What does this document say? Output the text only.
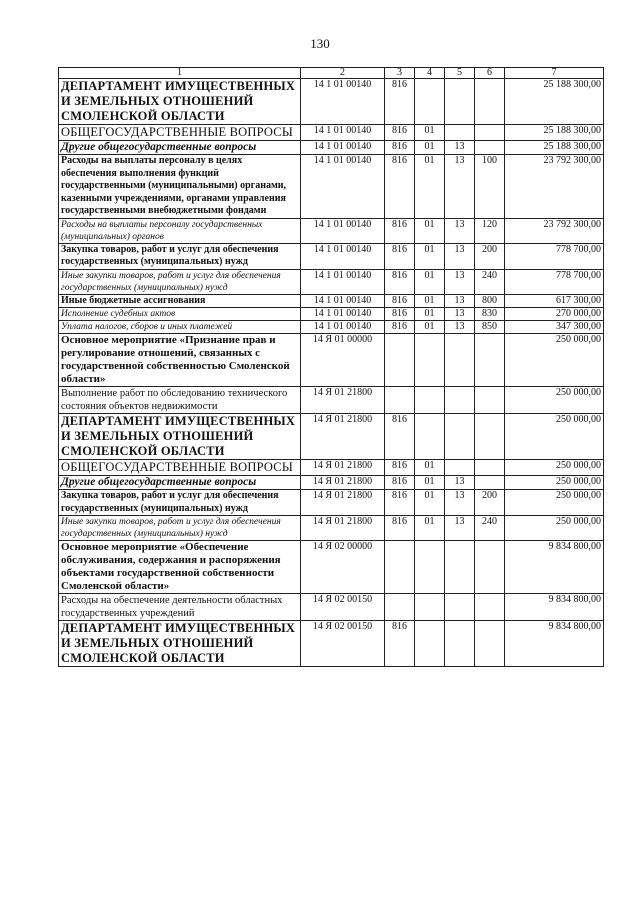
130
1	2	3	4	5	6	7
ДЕПАРТАМЕНТ ИМУЩЕСТВЕННЫХ И ЗЕМЕЛЬНЫХ ОТНОШЕНИЙ СМОЛЕНСКОЙ ОБЛАСТИ	14 1 01 00140	816				25 188 300,00
ОБЩЕГОСУДАРСТВЕННЫЕ ВОПРОСЫ	14 1 01 00140	816	01			25 188 300,00
Другие общегосударственные вопросы	14 1 01 00140	816	01	13		25 188 300,00
Расходы на выплаты персоналу в целях обеспечения выполнения функций государственными (муниципальными) органами, казенными учреждениями, органами управления государственными внебюджетными фондами	14 1 01 00140	816	01	13	100	23 792 300,00
Расходы на выплаты персоналу государственных (муниципальных) органов	14 1 01 00140	816	01	13	120	23 792 300,00
Закупка товаров, работ и услуг для обеспечения государственных (муниципальных) нужд	14 1 01 00140	816	01	13	200	778 700,00
Иные закупки товаров, работ и услуг для обеспечения государственных (муниципальных) нужд	14 1 01 00140	816	01	13	240	778 700,00
Иные бюджетные ассигнования	14 1 01 00140	816	01	13	800	617 300,00
Исполнение судебных актов	14 1 01 00140	816	01	13	830	270 000,00
Уплата налогов, сборов и иных платежей	14 1 01 00140	816	01	13	850	347 300,00
Основное мероприятие «Признание прав и регулирование отношений, связанных с государственной собственностью Смоленской области»	14 Я 01 00000					250 000,00
Выполнение работ по обследованию технического состояния объектов недвижимости	14 Я 01 21800					250 000,00
ДЕПАРТАМЕНТ ИМУЩЕСТВЕННЫХ И ЗЕМЕЛЬНЫХ ОТНОШЕНИЙ СМОЛЕНСКОЙ ОБЛАСТИ	14 Я 01 21800	816				250 000,00
ОБЩЕГОСУДАРСТВЕННЫЕ ВОПРОСЫ	14 Я 01 21800	816	01			250 000,00
Другие общегосударственные вопросы	14 Я 01 21800	816	01	13		250 000,00
Закупка товаров, работ и услуг для обеспечения государственных (муниципальных) нужд	14 Я 01 21800	816	01	13	200	250 000,00
Иные закупки товаров, работ и услуг для обеспечения государственных (муниципальных) нужд	14 Я 01 21800	816	01	13	240	250 000,00
Основное мероприятие «Обеспечение обслуживания, содержания и распоряжения объектами государственной собственности Смоленской области»	14 Я 02 00000					9 834 800,00
Расходы на обеспечение деятельности областных государственных учреждений	14 Я 02 00150					9 834 800,00
ДЕПАРТАМЕНТ ИМУЩЕСТВЕННЫХ И ЗЕМЕЛЬНЫХ ОТНОШЕНИЙ СМОЛЕНСКОЙ ОБЛАСТИ	14 Я 02 00150	816				9 834 800,00
